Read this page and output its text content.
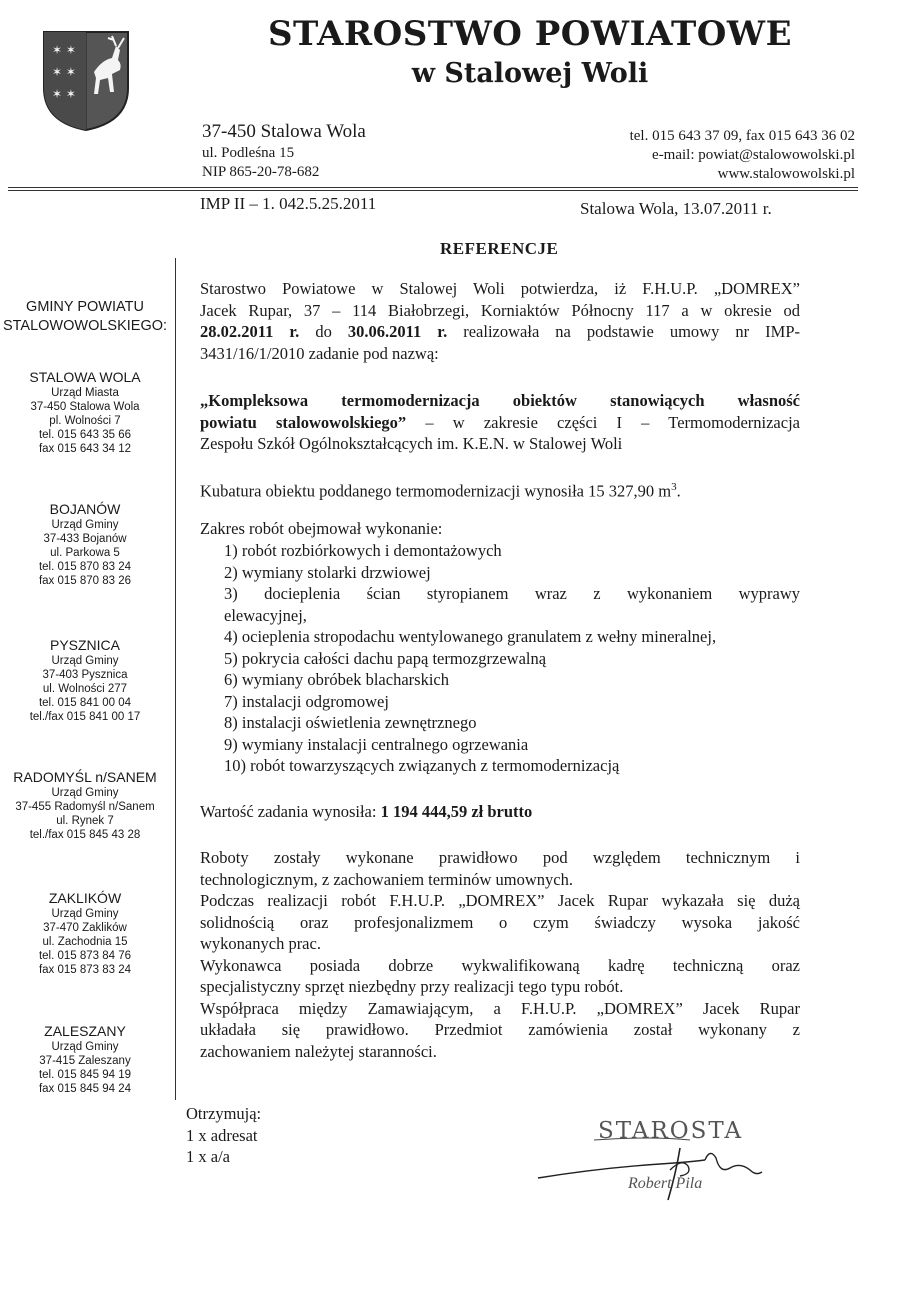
✶ ✶
✶ ✶
✶ ✶
STAROSTWO POWIATOWE
w Stalowej Woli
37-450 Stalowa Wola
ul. Podleśna 15
NIP 865-20-78-682
tel. 015 643 37 09, fax 015 643 36 02
e-mail: powiat@stalowowolski.pl
www.stalowowolski.pl
IMP II – 1. 042.5.25.2011	Stalowa Wola, 13.07.2011 r.
REFERENCJE
GMINY POWIATU
STALOWOWOLSKIEGO:
STALOWA WOLA
Urząd Miasta
37-450 Stalowa Wola
pl. Wolności 7
tel. 015 643 35 66
fax 015 643 34 12
BOJANÓW
Urząd Gminy
37-433 Bojanów
ul. Parkowa 5
tel. 015 870 83 24
fax 015 870 83 26
PYSZNICA
Urząd Gminy
37-403 Pysznica
ul. Wolności 277
tel. 015 841 00 04
tel./fax 015 841 00 17
RADOMYŚL n/SANEM
Urząd Gminy
37-455 Radomyśl n/Sanem
ul. Rynek 7
tel./fax 015 845 43 28
ZAKLIKÓW
Urząd Gminy
37-470 Zaklików
ul. Zachodnia 15
tel. 015 873 84 76
fax 015 873 83 24
ZALESZANY
Urząd Gminy
37-415 Zaleszany
tel. 015 845 94 19
fax 015 845 94 24
Starostwo Powiatowe w Stalowej Woli potwierdza, iż F.H.U.P. „DOMREX”
Jacek Rupar, 37 – 114 Białobrzegi, Korniaktów Północny 117 a w okresie od
28.02.2011 r. do 30.06.2011 r. realizowała na podstawie umowy nr IMP-
3431/16/1/2010 zadanie pod nazwą:
„Kompleksowa termomodernizacja obiektów stanowiących własność
powiatu stalowowolskiego” – w zakresie części I – Termomodernizacja
Zespołu Szkół Ogólnokształcących im. K.E.N. w Stalowej Woli
Kubatura obiektu poddanego termomodernizacji wynosiła 15 327,90 $m^3$.
Zakres robót obejmował wykonanie:
1) robót rozbiórkowych i demontażowych
2) wymiany stolarki drzwiowej
3) docieplenia ścian styropianem wraz z wykonaniem wyprawy
elewacyjnej,
4) ocieplenia stropodachu wentylowanego granulatem z wełny mineralnej,
5) pokrycia całości dachu papą termozgrzewalną
6) wymiany obróbek blacharskich
7) instalacji odgromowej
8) instalacji oświetlenia zewnętrznego
9) wymiany instalacji centralnego ogrzewania
10) robót towarzyszących związanych z termomodernizacją
Wartość zadania wynosiła: 1 194 444,59 zł brutto
Roboty zostały wykonane prawidłowo pod względem technicznym i
technologicznym, z zachowaniem terminów umownych.
Podczas realizacji robót F.H.U.P. „DOMREX” Jacek Rupar wykazała się dużą
solidnością oraz profesjonalizmem o czym świadczy wysoka jakość
wykonanych prac.
Wykonawca posiada dobrze wykwalifikowaną kadrę techniczną oraz
specjalistyczny sprzęt niezbędny przy realizacji tego typu robót.
Współpraca między Zamawiającym, a F.H.U.P. „DOMREX” Jacek Rupar
układała się prawidłowo. Przedmiot zamówienia został wykonany z
zachowaniem należytej staranności.
Otrzymują:
1 x adresat
1 x a/a
STAROSTA
Robert Pila
